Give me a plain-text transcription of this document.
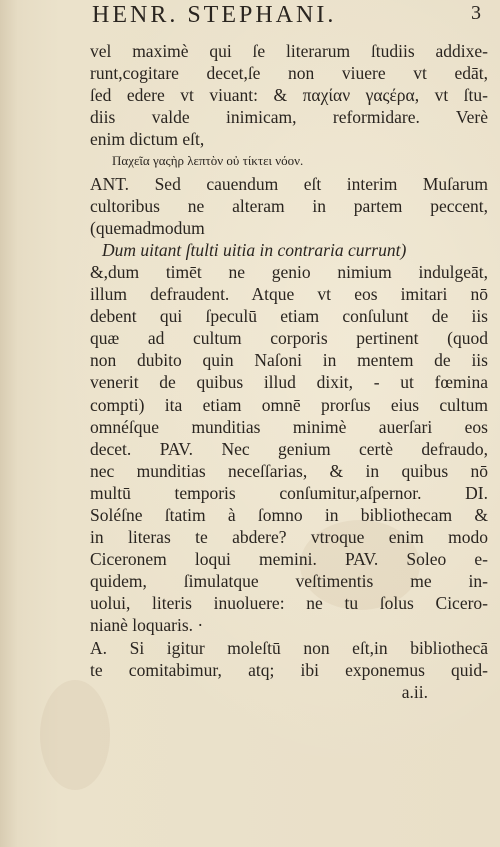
HENR. STEPHANI.	3
vel maximè qui ſe literarum ſtudiis addixe-
runt,cogitare decet,ſe non viuere vt edāt,
ſed edere vt viuant: & παχίαν γαςέρα, vt ſtu-
diis valde inimicam, reformidare. Verè
enim dictum eſt,
Παχεῖα γαςὴρ λεπτὸν οὐ τίκτει νόον.
ANT. Sed cauendum eſt interim Muſarum
cultoribus ne alteram in partem peccent,
(quemadmodum
Dum uitant ſtulti uitia in contraria currunt)
&,dum timēt ne genio nimium indulgeāt,
illum defraudent. Atque vt eos imitari nō
debent qui ſpeculū etiam conſulunt de iis
quæ ad cultum corporis pertinent (quod
non dubito quin Naſoni in mentem de iis
venerit de quibus illud dixit, - ut fœmina
compti) ita etiam omnē prorſus eius cultum
omnéſque munditias minimè auerſari eos
decet. PAV. Nec genium certè defraudo,
nec munditias neceſſarias, & in quibus nō
multū temporis conſumitur,aſpernor. DI.
Soléſne ſtatim à ſomno in bibliothecam &
in literas te abdere? vtroque enim modo
Ciceronem loqui memini. PAV. Soleo e-
quidem, ſimulatque veſtimentis me in-
uolui, literis inuoluere: ne tu ſolus Cicero-
nianè loquaris. ·
A. Si igitur moleſtū non eſt,in bibliothecā
te comitabimur, atq; ibi exponemus quid-
a.ii.
